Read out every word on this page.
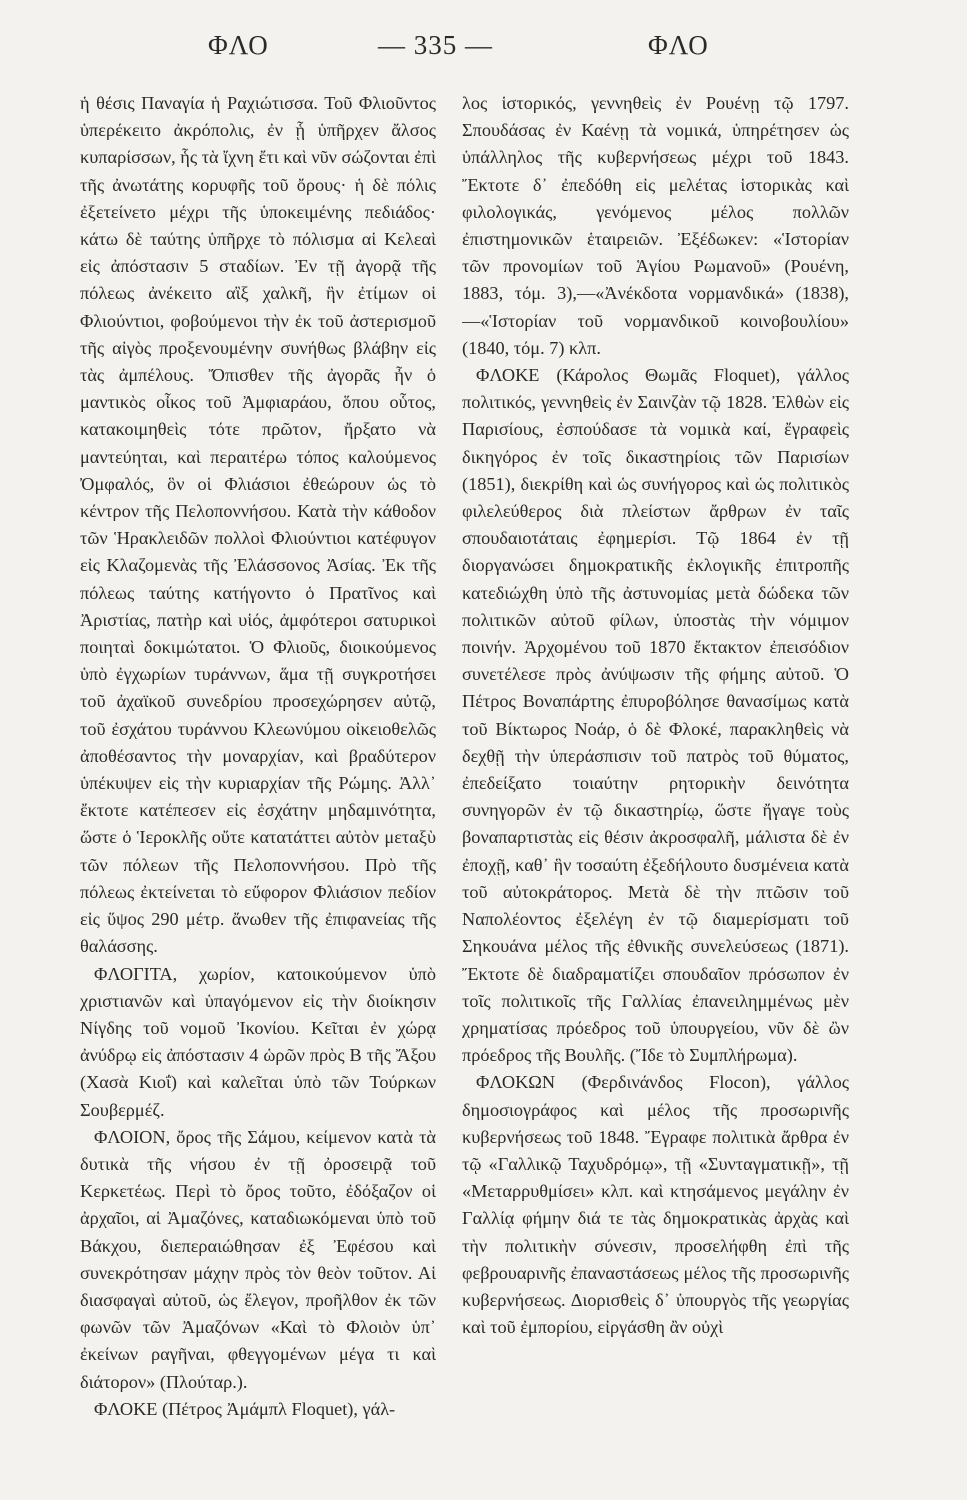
ΦΛΟ	— 335 —	ΦΛΟ

ἡ θέσις Παναγία ἡ Ραχιώτισσα. Τοῦ Φλιοῦντος ὑπερέκειτο ἀκρόπολις, ἐν ᾗ ὑπῆρχεν ἄλσος κυπαρίσσων, ἧς τὰ ἴχνη ἔτι καὶ νῦν σώζονται ἐπὶ τῆς ἀνωτάτης κορυφῆς τοῦ ὄρους· ἡ δὲ πόλις ἐξετείνετο μέχρι τῆς ὑποκειμένης πεδιάδος· κάτω δὲ ταύτης ὑπῆρχε τὸ πόλισμα αἱ Κελεαὶ εἰς ἀπόστασιν 5 σταδίων. Ἐν τῇ ἀγορᾷ τῆς πόλεως ἀνέκειτο αἲξ χαλκῆ, ἣν ἐτίμων οἱ Φλιούντιοι, φοβούμενοι τὴν ἐκ τοῦ ἀστερισμοῦ τῆς αἰγὸς προξενουμένην συνήθως βλάβην εἰς τὰς ἀμπέλους. Ὄπισθεν τῆς ἀγορᾶς ἦν ὁ μαντικὸς οἶκος τοῦ Ἀμφιαράου, ὅπου οὗτος, κατακοιμηθεὶς τότε πρῶτον, ἤρξατο νὰ μαντεύηται, καὶ περαιτέρω τόπος καλούμενος Ὀμφαλός, ὃν οἱ Φλιάσιοι ἐθεώρουν ὡς τὸ κέντρον τῆς Πελοποννήσου. Κατὰ τὴν κάθοδον τῶν Ἡρακλειδῶν πολλοὶ Φλιούντιοι κατέφυγον εἰς Κλαζομενὰς τῆς Ἐλάσσονος Ἀσίας. Ἐκ τῆς πόλεως ταύτης κατήγοντο ὁ Πρατῖνος καὶ Ἀριστίας, πατὴρ καὶ υἱός, ἀμφότεροι σατυρικοὶ ποιηταὶ δοκιμώτατοι. Ὁ Φλιοῦς, διοικούμενος ὑπὸ ἐγχωρίων τυράννων, ἅμα τῇ συγκροτήσει τοῦ ἀχαϊκοῦ συνεδρίου προσεχώρησεν αὐτῷ, τοῦ ἐσχάτου τυράννου Κλεωνύμου οἰκειοθελῶς ἀποθέσαντος τὴν μοναρχίαν, καὶ βραδύτερον ὑπέκυψεν εἰς τὴν κυριαρχίαν τῆς Ρώμης. Ἀλλ᾽ ἔκτοτε κατέπεσεν εἰς ἐσχάτην μηδαμινότητα, ὥστε ὁ Ἱεροκλῆς οὔτε κατατάττει αὐτὸν μεταξὺ τῶν πόλεων τῆς Πελοποννήσου. Πρὸ τῆς πόλεως ἐκτείνεται τὸ εὔφορον Φλιάσιον πεδίον εἰς ὕψος 290 μέτρ. ἄνωθεν τῆς ἐπιφανείας τῆς θαλάσσης.

ΦΛΟΓΙΤΑ, χωρίον, κατοικούμενον ὑπὸ χριστιανῶν καὶ ὑπαγόμενον εἰς τὴν διοίκησιν Νίγδης τοῦ νομοῦ Ἰκονίου. Κεῖται ἐν χώρᾳ ἀνύδρῳ εἰς ἀπόστασιν 4 ὡρῶν πρὸς Β τῆς Ἄξου (Χασὰ Κιοΐ) καὶ καλεῖται ὑπὸ τῶν Τούρκων Σουβερμέζ.

ΦΛΟΙΟΝ, ὄρος τῆς Σάμου, κείμενον κατὰ τὰ δυτικὰ τῆς νήσου ἐν τῇ ὀροσειρᾷ τοῦ Κερκετέως. Περὶ τὸ ὄρος τοῦτο, ἐδόξαζον οἱ ἀρχαῖοι, αἱ Ἀμαζόνες, καταδιωκόμεναι ὑπὸ τοῦ Βάκχου, διεπεραιώθησαν ἐξ Ἐφέσου καὶ συνεκρότησαν μάχην πρὸς τὸν θεὸν τοῦτον. Αἱ διασφαγαὶ αὐτοῦ, ὡς ἔλεγον, προῆλθον ἐκ τῶν φωνῶν τῶν Ἀμαζόνων «Καὶ τὸ Φλοιὸν ὑπ᾽ ἐκείνων ραγῆναι, φθεγγομένων μέγα τι καὶ διάτορον» (Πλούταρ.).

ΦΛΟΚΕ (Πέτρος Ἀμάμπλ Floquet), γάλ-

λος ἱστορικός, γεννηθεὶς ἐν Ρουένῃ τῷ 1797. Σπουδάσας ἐν Καένῃ τὰ νομικά, ὑπηρέτησεν ὡς ὑπάλληλος τῆς κυβερνήσεως μέχρι τοῦ 1843. Ἔκτοτε δ᾽ ἐπεδόθη εἰς μελέτας ἱστορικὰς καὶ φιλολογικάς, γενόμενος μέλος πολλῶν ἐπιστημονικῶν ἑταιρειῶν. Ἐξέδωκεν: «Ἱστορίαν τῶν προνομίων τοῦ Ἁγίου Ρωμανοῦ» (Ρουένη, 1883, τόμ. 3),—«Ἀνέκδοτα νορμανδικά» (1838),—«Ἱστορίαν τοῦ νορμανδικοῦ κοινοβουλίου» (1840, τόμ. 7) κλπ.

ΦΛΟΚΕ (Κάρολος Θωμᾶς Floquet), γάλλος πολιτικός, γεννηθεὶς ἐν Σαινζὰν τῷ 1828. Ἐλθὼν εἰς Παρισίους, ἐσπούδασε τὰ νομικὰ καί, ἔγραφεὶς δικηγόρος ἐν τοῖς δικαστηρίοις τῶν Παρισίων (1851), διεκρίθη καὶ ὡς συνήγορος καὶ ὡς πολιτικὸς φιλελεύθερος διὰ πλείστων ἄρθρων ἐν ταῖς σπουδαιοτάταις ἐφημερίσι. Τῷ 1864 ἐν τῇ διοργανώσει δημοκρατικῆς ἐκλογικῆς ἐπιτροπῆς κατεδιώχθη ὑπὸ τῆς ἀστυνομίας μετὰ δώδεκα τῶν πολιτικῶν αὐτοῦ φίλων, ὑποστὰς τὴν νόμιμον ποινήν. Ἀρχομένου τοῦ 1870 ἔκτακτον ἐπεισόδιον συνετέλεσε πρὸς ἀνύψωσιν τῆς φήμης αὐτοῦ. Ὁ Πέτρος Βοναπάρτης ἐπυροβόλησε θανασίμως κατὰ τοῦ Βίκτωρος Νοάρ, ὁ δὲ Φλοκέ, παρακληθεὶς νὰ δεχθῇ τὴν ὑπεράσπισιν τοῦ πατρὸς τοῦ θύματος, ἐπεδείξατο τοιαύτην ρητορικὴν δεινότητα συνηγορῶν ἐν τῷ δικαστηρίῳ, ὥστε ἤγαγε τοὺς βοναπαρτιστὰς εἰς θέσιν ἀκροσφαλῆ, μάλιστα δὲ ἐν ἐποχῇ, καθ᾽ ἣν τοσαύτη ἐξεδήλουτο δυσμένεια κατὰ τοῦ αὐτοκράτορος. Μετὰ δὲ τὴν πτῶσιν τοῦ Ναπολέοντος ἐξελέγη ἐν τῷ διαμερίσματι τοῦ Σηκουάνα μέλος τῆς ἐθνικῆς συνελεύσεως (1871). Ἔκτοτε δὲ διαδραματίζει σπουδαῖον πρόσωπον ἐν τοῖς πολιτικοῖς τῆς Γαλλίας ἐπανειλημμένως μὲν χρηματίσας πρόεδρος τοῦ ὑπουργείου, νῦν δὲ ὢν πρόεδρος τῆς Βουλῆς. (Ἴδε τὸ Συμπλήρωμα).

ΦΛΟΚΩΝ (Φερδινάνδος Flocon), γάλλος δημοσιογράφος καὶ μέλος τῆς προσωρινῆς κυβερνήσεως τοῦ 1848. Ἔγραφε πολιτικὰ ἄρθρα ἐν τῷ «Γαλλικῷ Ταχυδρόμῳ», τῇ «Συνταγματικῇ», τῇ «Μεταρρυθμίσει» κλπ. καὶ κτησάμενος μεγάλην ἐν Γαλλίᾳ φήμην διά τε τὰς δημοκρατικὰς ἀρχὰς καὶ τὴν πολιτικὴν σύνεσιν, προσελήφθη ἐπὶ τῆς φεβρουαρινῆς ἐπαναστάσεως μέλος τῆς προσωρινῆς κυβερνήσεως. Διορισθεὶς δ᾽ ὑπουργὸς τῆς γεωργίας καὶ τοῦ ἐμπορίου, εἰργάσθη ἂν οὐχὶ
